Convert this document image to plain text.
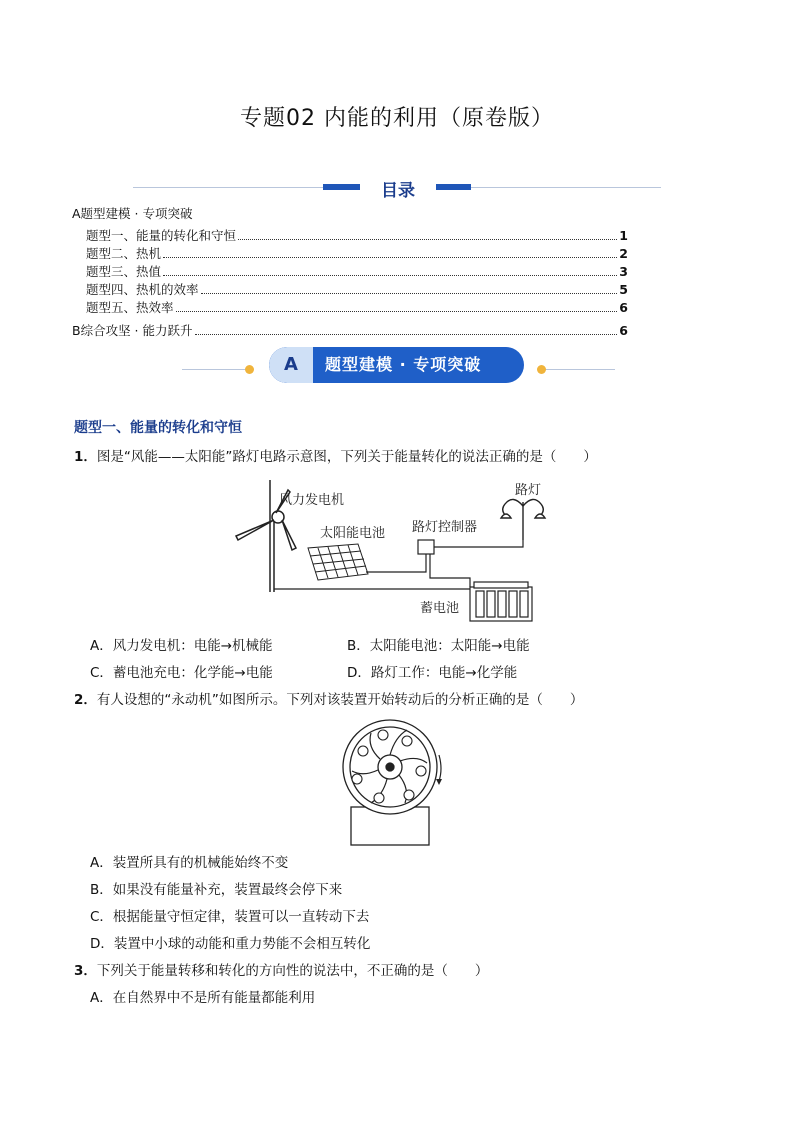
专题02 内能的利用（原卷版）
目录
A题型建模 · 专项突破
题型一、能量的转化和守恒	1
题型二、热机	2
题型三、热值	3
题型四、热机的效率	5
题型五、热效率	6
B综合攻坚 · 能力跃升	6
A	题型建模 · 专项突破
题型一、能量的转化和守恒
1．图是“风能——太阳能”路灯电路示意图，下列关于能量转化的说法正确的是（　　）
风力发电机
太阳能电池 路灯控制器
路灯
蓄电池
A．风力发电机：电能→机械能	B．太阳能电池：太阳能→电能
C．蓄电池充电：化学能→电能	D．路灯工作：电能→化学能
2．有人设想的“永动机”如图所示。下列对该装置开始转动后的分析正确的是（　　）
A．装置所具有的机械能始终不变
B．如果没有能量补充，装置最终会停下来
C．根据能量守恒定律，装置可以一直转动下去
D．装置中小球的动能和重力势能不会相互转化
3．下列关于能量转移和转化的方向性的说法中，不正确的是（　　）
A．在自然界中不是所有能量都能利用
